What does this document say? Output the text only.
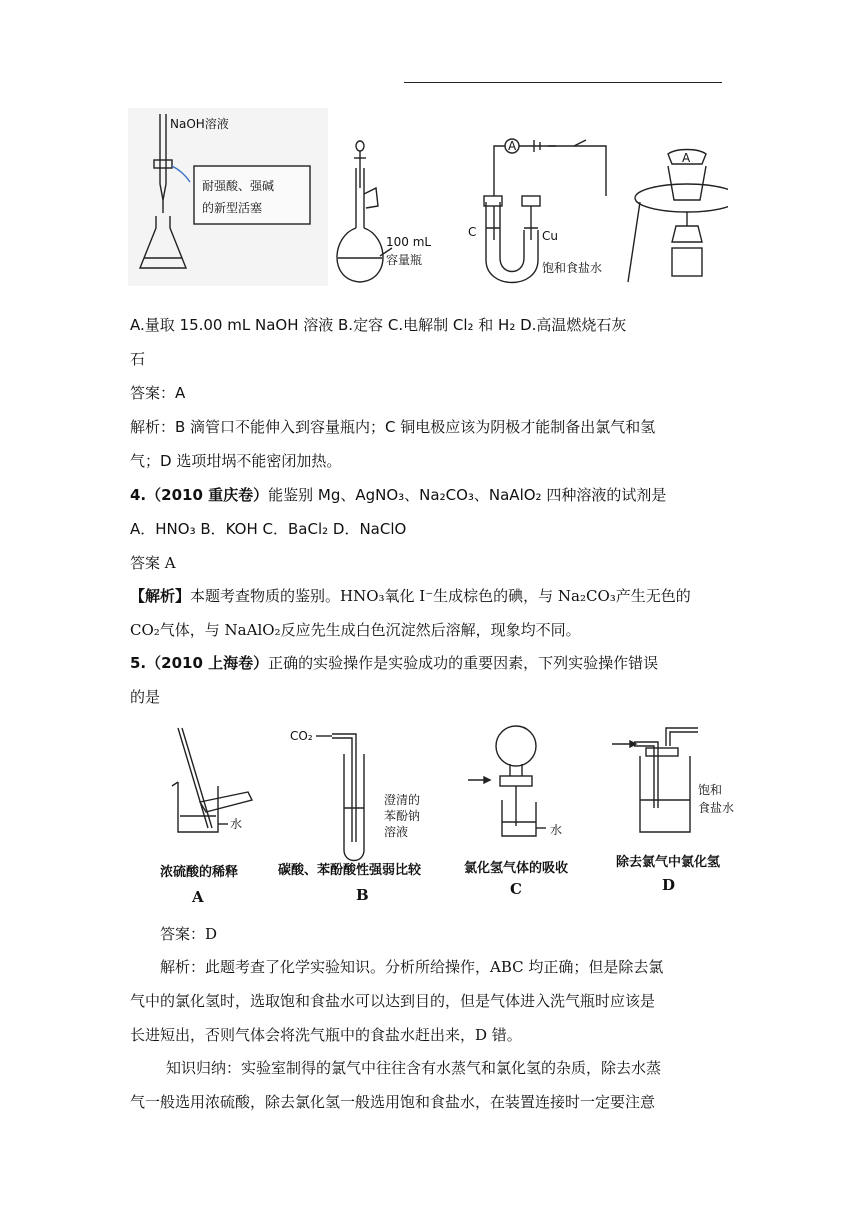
NaOH溶液
耐强酸、强碱
的新型活塞
100 mL
容量瓶
A
C	Cu
饱和食盐水
A
A.量取 15.00 mL NaOH 溶液 B.定容 C.电解制 Cl₂ 和 H₂ D.高温燃烧石灰
石
答案：A
解析：B 滴管口不能伸入到容量瓶内；C 铜电极应该为阴极才能制备出氯气和氢
气；D 选项坩埚不能密闭加热。
4.（2010 重庆卷）能鉴别 Mg、AgNO₃、Na₂CO₃、NaAlO₂ 四种溶液的试剂是
A．HNO₃ B．KOH C．BaCl₂ D．NaClO
答案 A
【解析】本题考查物质的鉴别。HNO₃氧化 I⁻生成棕色的碘，与 Na₂CO₃产生无色的
CO₂气体，与 NaAlO₂反应先生成白色沉淀然后溶解，现象均不同。
5.（2010 上海卷）正确的实验操作是实验成功的重要因素，下列实验操作错误
的是
水
浓硫酸的稀释
A
CO₂
澄清的
苯酚钠
溶液
碳酸、苯酚酸性强弱比较
B
水
氯化氢气体的吸收
C
饱和
食盐水
除去氯气中氯化氢
D
答案：D
解析：此题考查了化学实验知识。分析所给操作，ABC 均正确；但是除去氯
气中的氯化氢时，选取饱和食盐水可以达到目的，但是气体进入洗气瓶时应该是
长进短出，否则气体会将洗气瓶中的食盐水赶出来，D 错。
知识归纳：实验室制得的氯气中往往含有水蒸气和氯化氢的杂质，除去水蒸
气一般选用浓硫酸，除去氯化氢一般选用饱和食盐水，在装置连接时一定要注意
